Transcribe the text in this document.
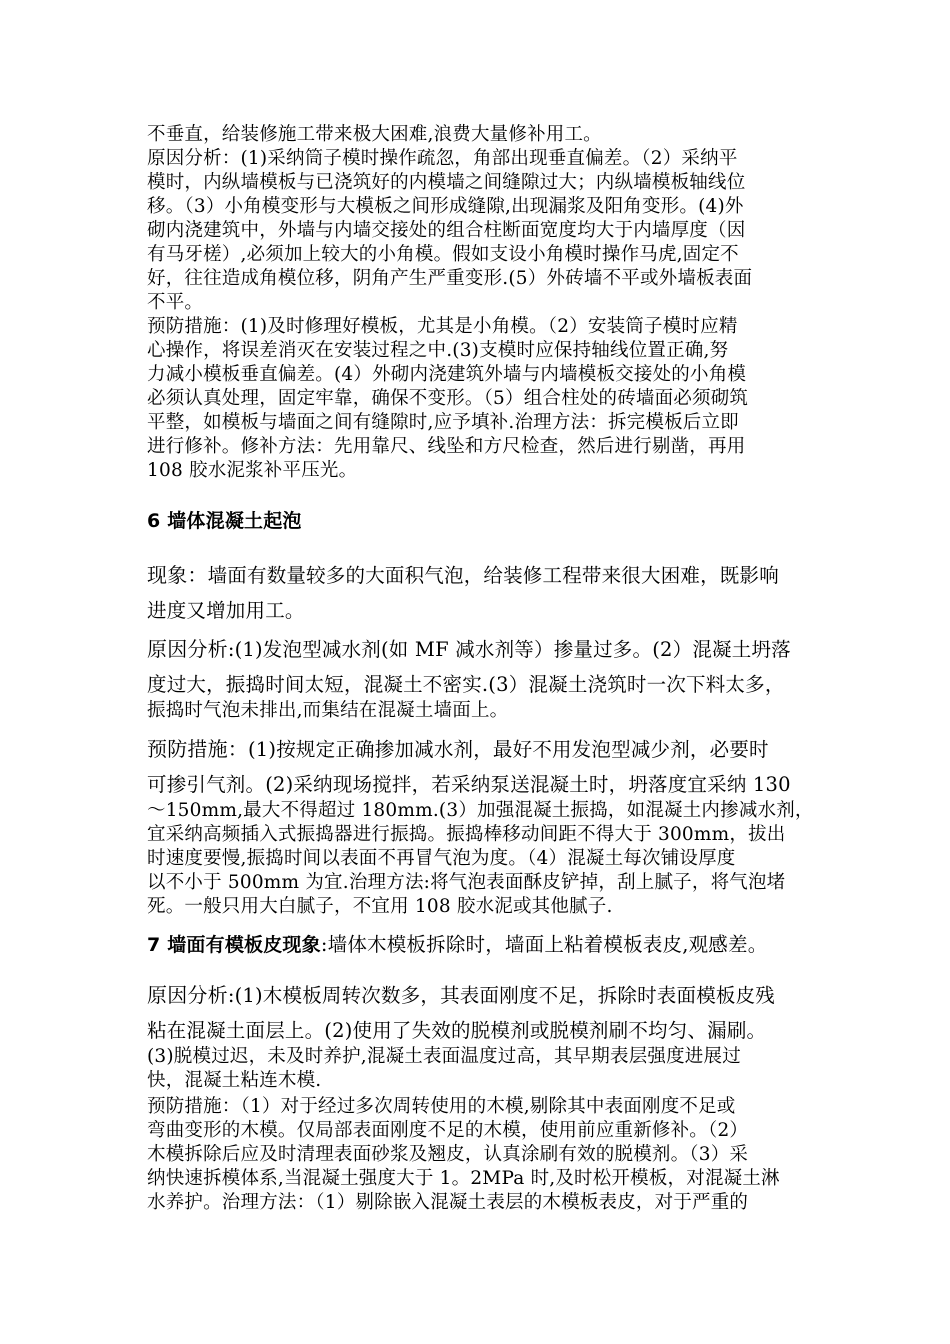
不垂直，给装修施工带来极大困难,浪费大量修补用工。
原因分析：(1)采纳筒子模时操作疏忽，角部出现垂直偏差。（2）采纳平
模时，内纵墙模板与已浇筑好的内模墙之间缝隙过大；内纵墙模板轴线位
移。（3）小角模变形与大模板之间形成缝隙,出现漏浆及阳角变形。(4)外
砌内浇建筑中，外墙与内墙交接处的组合柱断面宽度均大于内墙厚度（因
有马牙槎）,必须加上较大的小角模。假如支设小角模时操作马虎,固定不
好，往往造成角模位移，阴角产生严重变形.(5）外砖墙不平或外墙板表面
不平。
预防措施：(1)及时修理好模板，尤其是小角模。（2）安装筒子模时应精
心操作，将误差消灭在安装过程之中.(3)支模时应保持轴线位置正确,努
力减小模板垂直偏差。(4）外砌内浇建筑外墙与内墙模板交接处的小角模
必须认真处理，固定牢靠，确保不变形。（5）组合柱处的砖墙面必须砌筑
平整，如模板与墙面之间有缝隙时,应予填补.治理方法：拆完模板后立即
进行修补。修补方法：先用靠尺、线坠和方尺检查，然后进行剔凿，再用
108 胶水泥浆补平压光。
6 墙体混凝土起泡
现象：墙面有数量较多的大面积气泡，给装修工程带来很大困难，既影响
进度又增加用工。
原因分析:(1)发泡型减水剂(如 MF 减水剂等）掺量过多。(2）混凝土坍落
度过大，振捣时间太短，混凝土不密实.(3）混凝土浇筑时一次下料太多，
振捣时气泡未排出,而集结在混凝土墙面上。
预防措施：(1)按规定正确掺加减水剂，最好不用发泡型减少剂，必要时
可掺引气剂。(2)采纳现场搅拌，若采纳泵送混凝土时，坍落度宜采纳 130
～150mm,最大不得超过 180mm.(3）加强混凝土振捣，如混凝土内掺减水剂，
宜采纳高频插入式振捣器进行振捣。振捣棒移动间距不得大于 300mm，拔出
时速度要慢,振捣时间以表面不再冒气泡为度。（4）混凝土每次铺设厚度
以不小于 500mm 为宜.治理方法:将气泡表面酥皮铲掉，刮上腻子，将气泡堵
死。一般只用大白腻子，不宜用 108 胶水泥或其他腻子.
7 墙面有模板皮现象:墙体木模板拆除时，墙面上粘着模板表皮,观感差。
原因分析:(1)木模板周转次数多，其表面刚度不足，拆除时表面模板皮残
粘在混凝土面层上。(2)使用了失效的脱模剂或脱模剂刷不均匀、漏刷。
(3)脱模过迟，未及时养护,混凝土表面温度过高，其早期表层强度进展过
快，混凝土粘连木模.
预防措施：（1）对于经过多次周转使用的木模,剔除其中表面刚度不足或
弯曲变形的木模。仅局部表面刚度不足的木模，使用前应重新修补。（2）
木模拆除后应及时清理表面砂浆及翘皮，认真涂刷有效的脱模剂。（3）采
纳快速拆模体系,当混凝土强度大于 1。2MPa 时,及时松开模板，对混凝土淋
水养护。治理方法：（1）剔除嵌入混凝土表层的木模板表皮，对于严重的
